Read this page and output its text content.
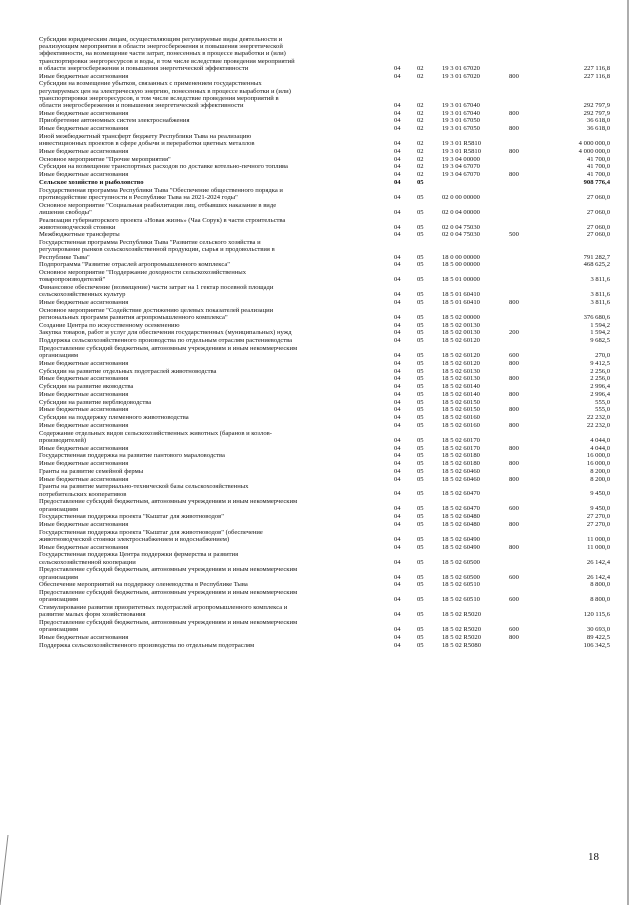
Субсидии юридическим лицам, осуществляющим регулируемые виды деятельности и
реализующим мероприятия в области энергосбережения и повышения энергетической
эффективности, на возмещение части затрат, понесенных в процессе выработки и (или)
транспортировки энергоресурсов и воды, в том числе вследствие проведения мероприятий
в области энергосбережения и повышения энергетической эффективности	04 02	19 3 01 67020	227 116,8
Иные бюджетные ассигнования	04 02	19 3 01 67020	800	227 116,8
Субсидии на возмещение убытков, связанных с применением государственных
регулируемых цен на электрическую энергию, понесенных в процессе выработки и (или)
транспортировки энергоресурсов, в том числе вследствие проведения мероприятий в
области энергосбережения и повышения энергетической эффективности	04 02	19 3 01 67040	292 797,9
Иные бюджетные ассигнования	04 02	19 3 01 67040	800	292 797,9
Приобретение автономных систем электроснабжения	04 02	19 3 01 67050	36 618,0
Иные бюджетные ассигнования	04 02	19 3 01 67050	800	36 618,0
Иной межбюджетный трансферт бюджету Республики Тыва на реализацию
инвестиционных проектов в сфере добычи и переработки цветных металлов	04 02	19 3 01 R5810	4 000 000,0
Иные бюджетные ассигнования	04 02	19 3 01 R5810	800	4 000 000,0
Основное мероприятие "Прочие мероприятия"	04 02	19 3 04 00000	41 700,0
Субсидия на возмещение транспортных расходов по доставке котельно-печного топлива	04 02	19 3 04 67070	41 700,0
Иные бюджетные ассигнования	04 02	19 3 04 67070	800	41 700,0
Сельское хозяйство и рыболовство	04 05	908 776,4
Государственная программа Республики Тыва "Обеспечение общественного порядка и
противодействие преступности в Республике Тыва на 2021-2024 годы"	04 05	02 0 00 00000	27 060,0
Основное мероприятие "Социальная реабилитация лиц, отбывших наказание в виде
лишения свободы"	04 05	02 0 04 00000	27 060,0
Реализация губернаторского проекта «Новая жизнь» (Чаа Сорук) в части строительства
животноводческой стоянки	04 05	02 0 04 75030	27 060,0
Межбюджетные трансферты	04 05	02 0 04 75030	500	27 060,0
Государственная программа Республики Тыва "Развитие сельского хозяйства и
регулирование рынков сельскохозяйственной продукции, сырья и продовольствия в
Республике Тыва"	04 05	18 0 00 00000	791 282,7
Подпрограмма "Развитие отраслей агропромышленного комплекса"	04 05	18 5 00 00000	468 625,2
Основное мероприятие "Поддержание доходности сельскохозяйственных
товаропроизводителей"	04 05	18 5 01 00000	3 811,6
Финансовое обеспечение (возмещение) части затрат на 1 гектар посевной площади
сельскохозяйственных культур	04 05	18 5 01 60410	3 811,6
Иные бюджетные ассигнования	04 05	18 5 01 60410	800	3 811,6
Основное мероприятие "Содействие достижению целевых показателей реализации
региональных программ развития агропромышленного комплекса"	04 05	18 5 02 00000	376 680,6
Создание Центра по искусственному осеменению	04 05	18 5 02 00130	1 594,2
Закупка товаров, работ и услуг для обеспечения государственных (муниципальных) нужд	04 05	18 5 02 00130	200	1 594,2
Поддержка сельскохозяйственного производства по отдельным отраслям растениеводства	04 05	18 5 02 60120	9 682,5
Предоставление субсидий бюджетным, автономным учреждениям и иным некоммерческим
организациям	04 05	18 5 02 60120	600	270,0
Иные бюджетные ассигнования	04 05	18 5 02 60120	800	9 412,5
Субсидии на развитие отдельных подотраслей животноводства	04 05	18 5 02 60130	2 256,0
Иные бюджетные ассигнования	04 05	18 5 02 60130	800	2 256,0
Субсидии на развитие яководства	04 05	18 5 02 60140	2 996,4
Иные бюджетные ассигнования	04 05	18 5 02 60140	800	2 996,4
Субсидии на развитие верблюдоводства	04 05	18 5 02 60150	555,0
Иные бюджетные ассигнования	04 05	18 5 02 60150	800	555,0
Субсидии на поддержку племенного животноводства	04 05	18 5 02 60160	22 232,0
Иные бюджетные ассигнования	04 05	18 5 02 60160	800	22 232,0
Содержание отдельных видов сельскохозяйственных животных (баранов и козлов-
производителей)	04 05	18 5 02 60170	4 044,0
Иные бюджетные ассигнования	04 05	18 5 02 60170	800	4 044,0
Государственная поддержка на развитие пантового мараловодства	04 05	18 5 02 60180	16 000,0
Иные бюджетные ассигнования	04 05	18 5 02 60180	800	16 000,0
Гранты на развитие семейной фермы	04 05	18 5 02 60460	8 200,0
Иные бюджетные ассигнования	04 05	18 5 02 60460	800	8 200,0
Гранты на развитие материально-технической базы сельскохозяйственных
потребительских кооперативов	04 05	18 5 02 60470	9 450,0
Предоставление субсидий бюджетным, автономным учреждениям и иным некоммерческим
организациям	04 05	18 5 02 60470	600	9 450,0
Государственная поддержка проекта "Кыштаг для животноводов"	04 05	18 5 02 60480	27 270,0
Иные бюджетные ассигнования	04 05	18 5 02 60480	800	27 270,0
Государственная поддержка проекта "Кыштаг для животноводов" (обеспечение
животноводческой стоянки электроснабжением и водоснабжением)	04 05	18 5 02 60490	11 000,0
Иные бюджетные ассигнования	04 05	18 5 02 60490	800	11 000,0
Государственная поддержка Центра поддержки фермерства и развития
сельскохозяйственной кооперации	04 05	18 5 02 60500	26 142,4
Предоставление субсидий бюджетным, автономным учреждениям и иным некоммерческим
организациям	04 05	18 5 02 60500	600	26 142,4
Обеспечение мероприятий на поддержку оленеводства в Республике Тыва	04 05	18 5 02 60510	8 800,0
Предоставление субсидий бюджетным, автономным учреждениям и иным некоммерческим
организациям	04 05	18 5 02 60510	600	8 800,0
Стимулирование развития приоритетных подотраслей агропромышленного комплекса и
развитие малых форм хозяйствования	04 05	18 5 02 R5020	120 115,6
Предоставление субсидий бюджетным, автономным учреждениям и иным некоммерческим
организациям	04 05	18 5 02 R5020	600	30 693,0
Иные бюджетные ассигнования	04 05	18 5 02 R5020	800	89 422,5
Поддержка сельскохозяйственного производства по отдельным подотраслям	04 05	18 5 02 R5080	106 342,5
18
